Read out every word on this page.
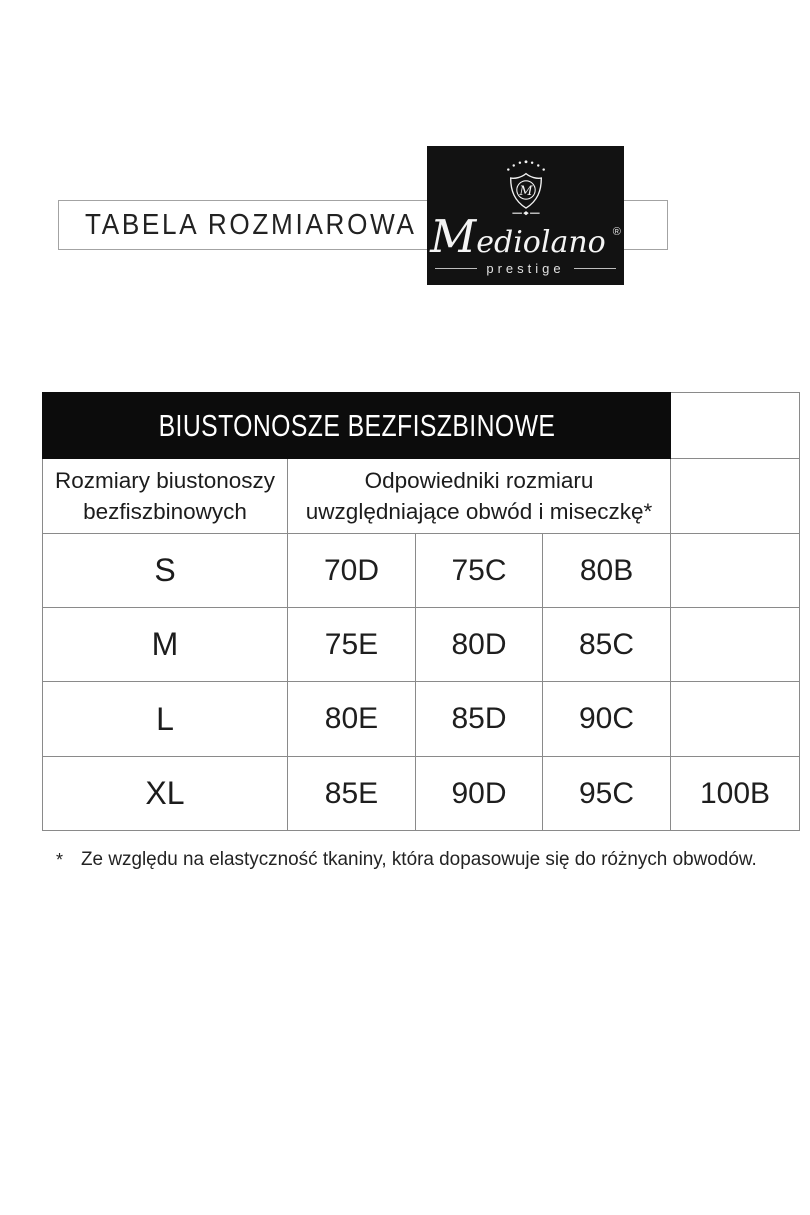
TABELA ROZMIAROWA
M
Mediolano ®
prestige
BIUSTONOSZE BEZFISZBINOWE				

Rozmiary biustonoszy
bezfiszbinowych

Odpowiedniki rozmiaru
uwzględniające obwód i miseczkę*

S	70D	75C	80B	
M	75E	80D	85C	
L	80E	85D	90C	
XL	85E	90D	95C	100B
* Ze względu na elastyczność tkaniny, która dopasowuje się do różnych obwodów.
